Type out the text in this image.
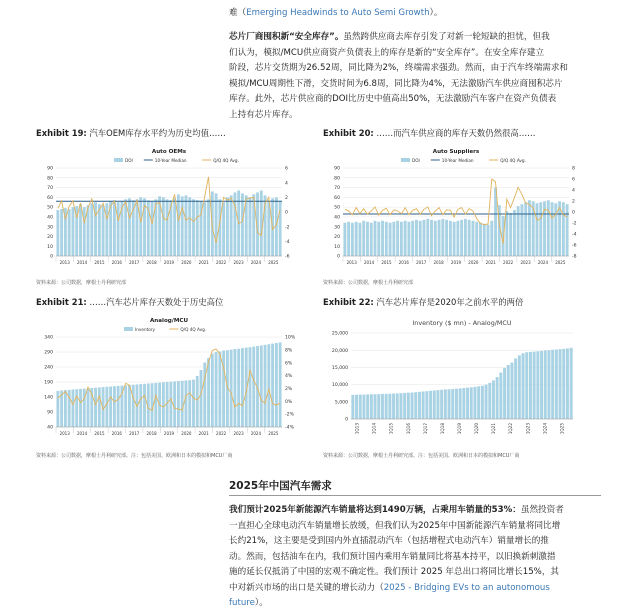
难（Emerging Headwinds to Auto Semi Growth）。
芯片厂商囤积新“安全库存”。虽然跨供应商去库存引发了对新一轮短缺的担忧，但我
们认为，模拟/MCU供应商资产负债表上的库存是新的“安全库存”。在安全库存建立
阶段，芯片交货期为26.52周，同比降为2%，终端需求强劲。然而，由于汽车终端需求和
模拟/MCU周期性下滑，交货时间为6.8周，同比降为4%，无法激励汽车供应商囤积芯片
库存。此外，芯片供应商的DOI比历史中值高出50%，无法激励汽车客户在资产负债表
上持有芯片库存。
Exhibit 19: 汽车OEM库存水平约为历史均值……	Exhibit 20: ……而汽车供应商的库存天数仍然很高……
Exhibit 21: ……汽车芯片库存天数处于历史高位	Exhibit 22: 汽车芯片库存是2020年之前水平的两倍
Auto OEMs
DOI	10-Year Median	Q/Q 4Q Avg.
0
10
20
30
40
50
60
70
80
90
-6
-4
-2
0
2
4
6
2013 2014 2015 2016 2017 2018 2019 2020 2021 2022 2023 2024 2025
Auto Suppliers
DOI	10-Year Median	Q/Q 4Q Avg.
0
10
20
30
40
50
60
70
80
90
-8
-6
-4
-2
0
2
4
6
8
2013 2014 2015 2016 2017 2018 2019 2020 2021 2022 2023 2024 2025
Analog/MCU
Inventory	Q/Q 4Q Avg.
40
90
140
190
240
290
340
-4%
-2%
0%
2%
4%
6%
8%
10%
2013 2014 2015 2016 2017 2018 2019 2020 2021 2022 2023 2024 2025
Inventory ($ mn) - Analog/MCU
0
5,000
10,000
15,000
20,000
25,000
1Q13	1Q14	1Q15	1Q16	1Q17	1Q18	1Q19	1Q20	1Q21	1Q22	1Q23	1Q24	1Q25
资料来源：公司数据，摩根士丹利研究部	资料来源：公司数据，摩根士丹利研究部
资料来源：公司数据，摩根士丹利研究部。注：包括美国、欧洲和日本的模拟和MCU厂商	资料来源：公司数据，摩根士丹利研究部。注：包括美国、欧洲和日本的模拟和MCU厂商
2025年中国汽车需求
我们预计2025年新能源汽车销量将达到1490万辆，占乘用车销量的53%：虽然投资者
一直担心全球电动汽车销量增长放缓，但我们认为2025年中国新能源汽车销量将同比增
长约21%，这主要是受到国内外直插混动汽车（包括增程式电动汽车）销量增长的推
动。然而，包括油车在内，我们预计国内乘用车销量同比将基本持平，以旧换新刺激措
施的延长仅抵消了中国的宏观不确定性。我们预计 2025 年总出口将同比增长15%，其
中对新兴市场的出口是关键的增长动力（2025 - Bridging EVs to an autonomous
future）。
